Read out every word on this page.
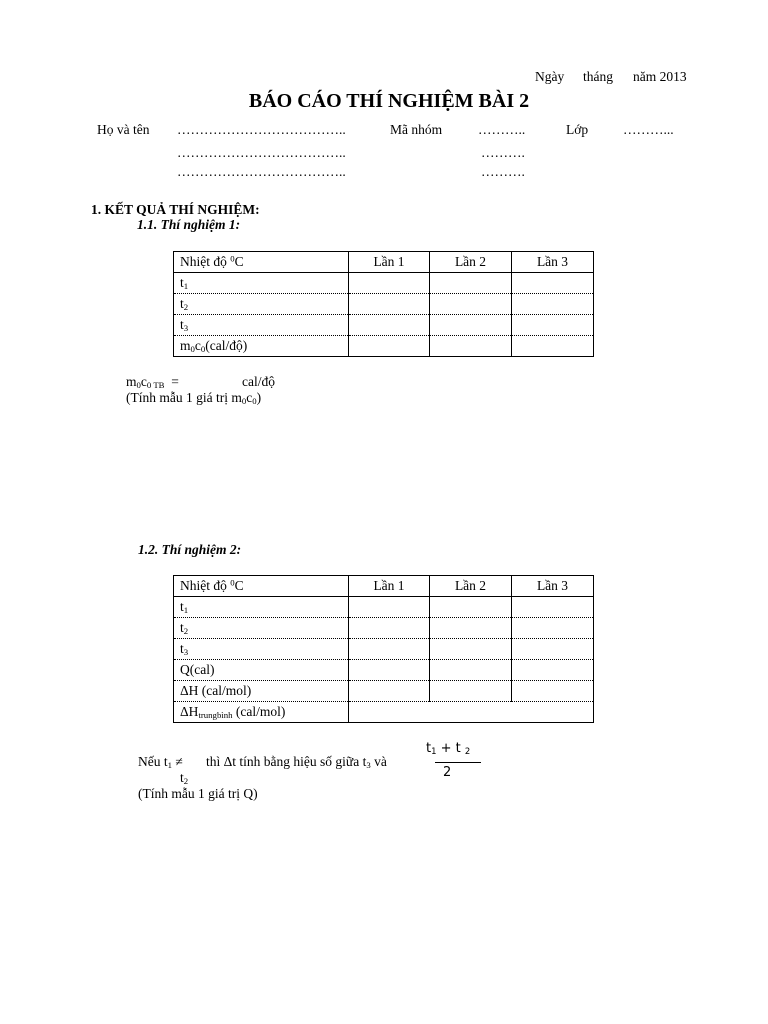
Ngày tháng năm 2013
BÁO CÁO THÍ NGHIỆM BÀI 2
Họ và tên ………………………………..
………………………………..
………………………………..
Mã nhóm	………..
……….
……….
Lớp	………...
1. KẾT QUẢ THÍ NGHIỆM:
1.1. Thí nghiệm 1:
Nhiệt độ $^0$C	Lần 1	Lần 2	Lần 3
$t_1$			
$t_2$			
$t_3$			
$m_0c_0(cal/độ)$			
$m_0c_{0 TB}$ =	cal/độ
(Tính mẫu 1 giá trị $m_0c_0$)
1.2. Thí nghiệm 2:
Nhiệt độ $^0$C	Lần 1	Lần 2	Lần 3
$t_1$			
$t_2$			
$t_3$			
Q(cal)			
ΔH (cal/mol)			
$\Delta H_{trungbình}$ (cal/mol)			
Nếu $t_1$ ≠ thì Δt tính bằng hiệu số giữa $t_3$ và
$t_2$
$t_1 + t$ $_2$
2
(Tính mẫu 1 giá trị Q)
